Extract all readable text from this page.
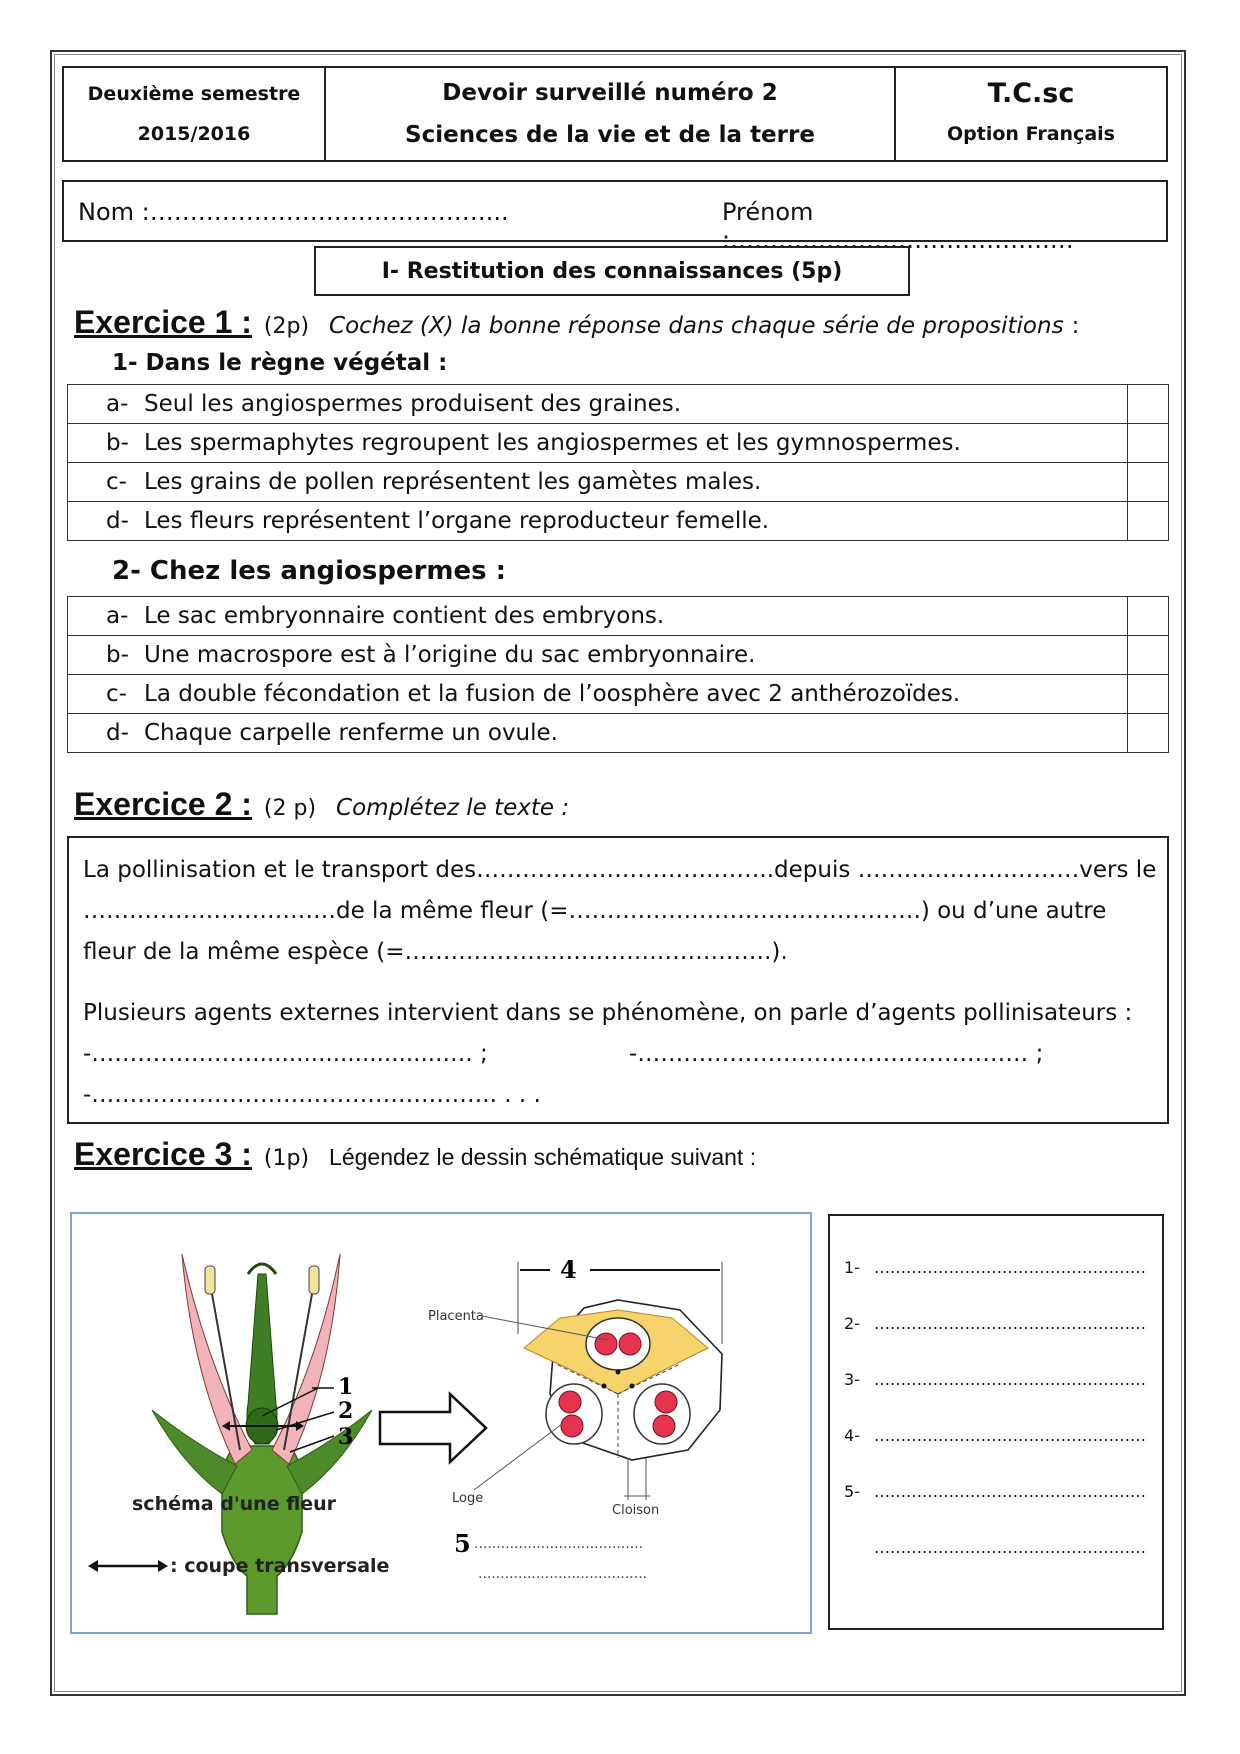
Deuxième semestre
2015/2016
Devoir surveillé numéro 2
Sciences de la vie et de la terre
T.C.sc
Option Français
Nom :……………………………………...	Prénom :………………………………….…
I- Restitution des connaissances (5p)
Exercice 1 : (2p) Cochez (X) la bonne réponse dans chaque série de propositions :
1- Dans le règne végétal :
a- Seul les angiospermes produisent des graines.	
b- Les spermaphytes regroupent les angiospermes et les gymnospermes.	
c- Les grains de pollen représentent les gamètes males.	
d- Les fleurs représentent l’organe reproducteur femelle.	
2- Chez les angiospermes :
a- Le sac embryonnaire contient des embryons.	
b- Une macrospore est à l’origine du sac embryonnaire.	
c- La double fécondation et la fusion de l’oosphère avec 2 anthérozoïdes.	
d- Chaque carpelle renferme un ovule.	
Exercice 2 : (2 p) Complétez le texte :
La pollinisation et le transport des………………………….……..depuis ………………..………vers le
……………………………de la même fleur (=……………………………………….) ou d’une autre
fleur de la même espèce (=……………………..………………….).
Plusieurs agents externes intervient dans se phénomène, on parle d’agents pollinisateurs :
-…………………..........................…. ;	-…………………………………………… ;
-…………………………………………….. . . .
Exercice 3 : (1p) Légendez le dessin schématique suivant :
1
2
3
schéma d'une fleur
: coupe transversale
4
Placenta
Loge
Cloison
5 ......................................
......................................
1- ……………………………………………
2- ……………………………………………
3- ……………………………………………
4- ……………………………………………
5- ……………………………………………
……………………………………………
